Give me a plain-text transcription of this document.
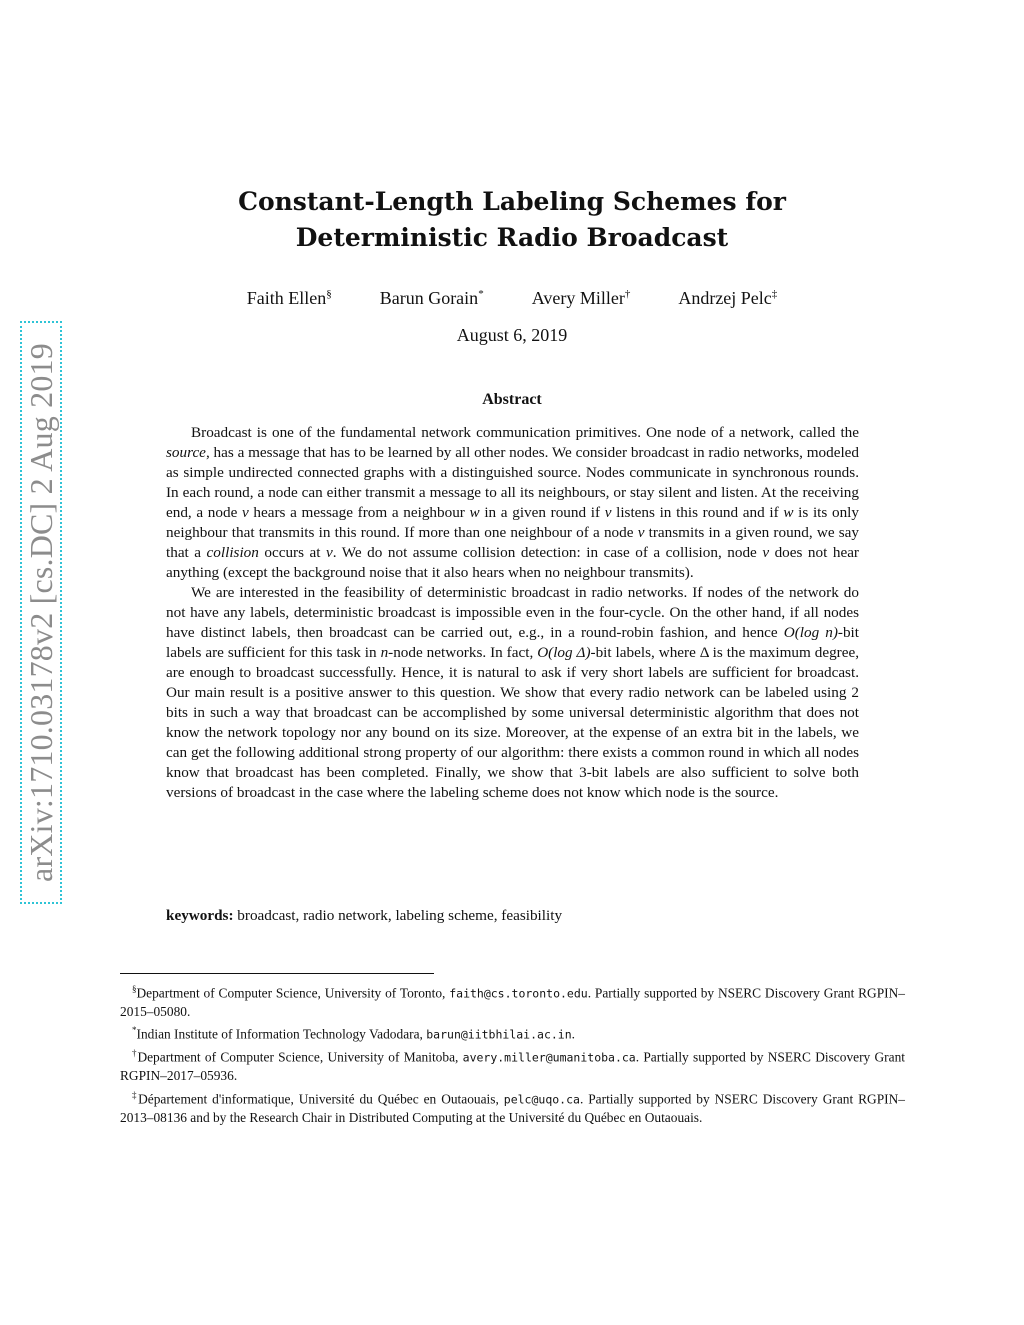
arXiv:1710.03178v2 [cs.DC] 2 Aug 2019
Constant-Length Labeling Schemes for
Deterministic Radio Broadcast
Faith Ellen§	Barun Gorain*	Avery Miller†	Andrzej Pelc‡
August 6, 2019
Abstract

Broadcast is one of the fundamental network communication primitives. One node of a network, called the source, has a message that has to be learned by all other nodes. We consider broadcast in radio networks, modeled as simple undirected connected graphs with a distinguished source. Nodes communicate in synchronous rounds. In each round, a node can either transmit a message to all its neighbours, or stay silent and listen. At the receiving end, a node v hears a message from a neighbour w in a given round if v listens in this round and if w is its only neighbour that transmits in this round. If more than one neighbour of a node v transmits in a given round, we say that a collision occurs at v. We do not assume collision detection: in case of a collision, node v does not hear anything (except the background noise that it also hears when no neighbour transmits).

We are interested in the feasibility of deterministic broadcast in radio networks. If nodes of the network do not have any labels, deterministic broadcast is impossible even in the four-cycle. On the other hand, if all nodes have distinct labels, then broadcast can be carried out, e.g., in a round-robin fashion, and hence O(log n)-bit labels are sufficient for this task in n-node networks. In fact, O(log Δ)-bit labels, where Δ is the maximum degree, are enough to broadcast successfully. Hence, it is natural to ask if very short labels are sufficient for broadcast. Our main result is a positive answer to this question. We show that every radio network can be labeled using 2 bits in such a way that broadcast can be accomplished by some universal deterministic algorithm that does not know the network topology nor any bound on its size. Moreover, at the expense of an extra bit in the labels, we can get the following additional strong property of our algorithm: there exists a common round in which all nodes know that broadcast has been completed. Finally, we show that 3-bit labels are also sufficient to solve both versions of broadcast in the case where the labeling scheme does not know which node is the source.

keywords: broadcast, radio network, labeling scheme, feasibility

§Department of Computer Science, University of Toronto, faith@cs.toronto.edu. Partially supported by NSERC Discovery Grant RGPIN–2015–05080.

*Indian Institute of Information Technology Vadodara, barun@iitbhilai.ac.in.

†Department of Computer Science, University of Manitoba, avery.miller@umanitoba.ca. Partially supported by NSERC Discovery Grant RGPIN–2017–05936.

‡Département d'informatique, Université du Québec en Outaouais, pelc@uqo.ca. Partially supported by NSERC Discovery Grant RGPIN–2013–08136 and by the Research Chair in Distributed Computing at the Université du Québec en Outaouais.
